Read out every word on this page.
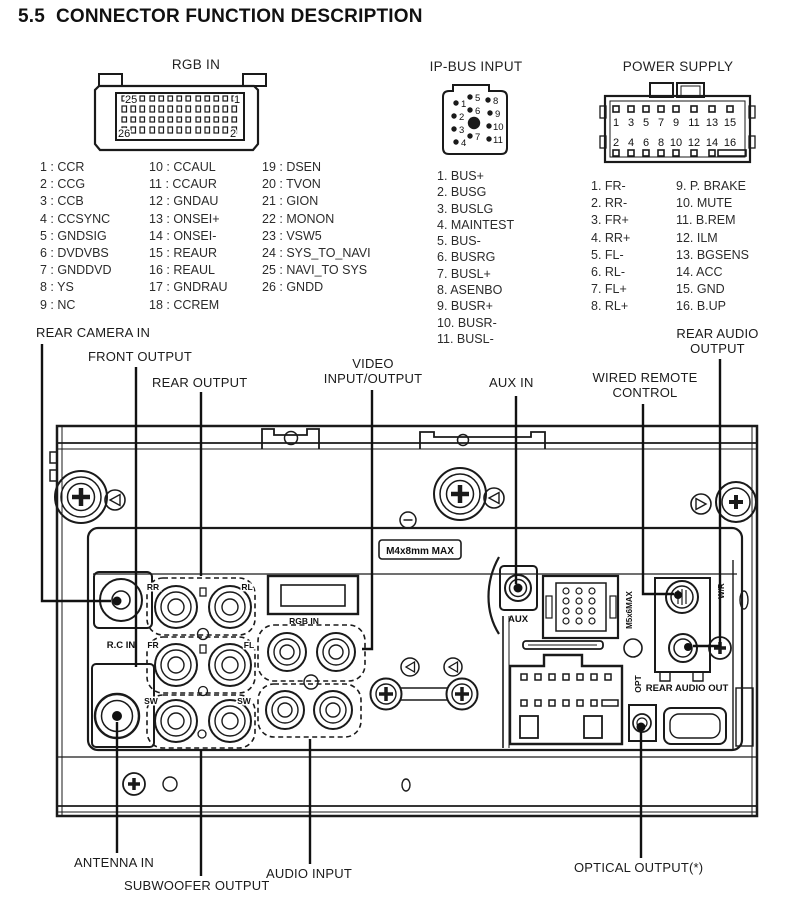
5.5  CONNECTOR FUNCTION DESCRIPTION
RGB IN	IP-BUS INPUT	POWER SUPPLY
1 : CCR
2 : CCG
3 : CCB
4 : CCSYNC
5 : GNDSIG
6 : DVDVBS
7 : GNDDVD
8 : YS
9 : NC
10 : CCAUL
11 : CCAUR
12 : GNDAU
13 : ONSEI+
14 : ONSEI-
15 : REAUR
16 : REAUL
17 : GNDRAU
18 : CCREM
19 : DSEN
20 : TVON
21 : GION
22 : MONON
23 : VSW5
24 : SYS_TO_NAVI
25 : NAVI_TO SYS
26 : GNDD
1. BUS+
2. BUSG
3. BUSLG
4. MAINTEST
5. BUS-
6. BUSRG
7. BUSL+
8. ASENBO
9. BUSR+
10. BUSR-
11. BUSL-
1. FR-
2. RR-
3. FR+
4. RR+
5. FL-
6. RL-
7. FL+
8. RL+
9. P. BRAKE
10. MUTE
11. B.REM
12. ILM
13. BGSENS
14. ACC
15. GND
16. B.UP
REAR CAMERA IN
FRONT OUTPUT
REAR OUTPUT
VIDEO INPUT/OUTPUT	AUX IN	WIRED REMOTE CONTROL
REAR AUDIO OUTPUT
ANTENNA IN
SUBWOOFER OUTPUT
AUDIO INPUT	OPTICAL OUTPUT(*)
25	1
26	2
1
2
3
4
5
6
7
8
9
10
11
1 3 5 7 9 11 13 15
2 4 6 8 10 12 14 16
R.C IN
RR	RL
FR	FL
SW	SW
RGB IN	AUX
M4x8mm MAX
M5x6MAX
W/R
OPT REAR AUDIO OUT
